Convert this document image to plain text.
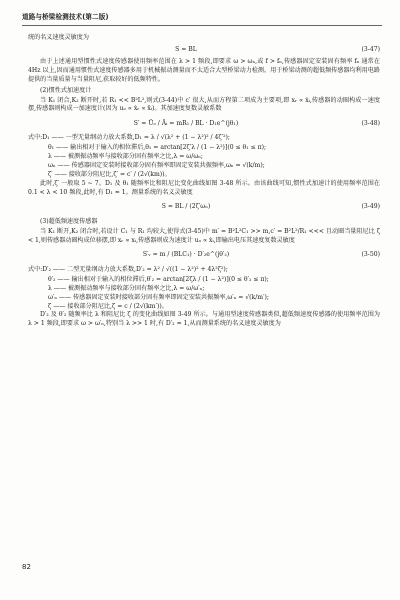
道路与桥梁检测技术(第二版)
统的名义速度灵敏度为
S = BL	(3-47)
由于上述通用型惯性式速度传感器使用频率范围在 λ > 1 频段,即要求 ω > ωₙ,或 f > fₙ,传感器固定安装固有频率 fₙ 通常在 4Hz 以上,因而通用惯性式速度传感器多用于机械振动测量而不太适合大型桥梁动力检测。用于桥梁动测的超低频传感器均利用电路提供的当量质量与当量阻尼,获取较好的低频特性。
(2)惯性式加速度计
当 K₁ 闭合,K₂ 断开时,若 R₁ << B²L²,则式(3-44)中 c′ 很大,从而方程第二项成为主要项,即 xᵣ ∝ ẋᵢ,传感器的动圈构成一速度摆,传感器则构成一加速度计(因为 uₒ ∝ ẋᵣ ∝ ẍᵢ)。其加速度复数灵敏系数
S′ = Ūₒ / Āᵢ = mR₁ / BL · D₁e^(jθ₁)	(3-48)
式中:D₁ —— 一型无量纲动力放大系数,D₁ = λ / √(λ² + (1 − λ²)² / 4ζ′²);
θ₁ —— 输出相对于输入的相位滞后,θ₁ = arctan[2ζ′λ / (1 − λ²)](0 ≤ θ₁ ≤ π);
λ —— 被测振动频率与接收部分固有频率之比,λ = ω/ωₙ;
ωₙ —— 传感器固定安装时接收部分固有频率即固定安装共振频率,ωₙ = √(k/m);
ζ′ —— 接收部分阻尼比,ζ′ = c′ / (2√(km))。
此时,ζ′ 一般取 5 ~ 7。D₁ 及 θ₁ 随频率比和阻尼比变化曲线如图 3-48 所示。由该曲线可知,惯性式加速计的使用频率范围在 0.1 < λ < 10 频段,此时,有 D₁ ≈ 1。测量系统的名义灵敏度
S = BL / (2ζ′ωₙ)	(3-49)
(3)超低频速度传感器
当 K₁ 断开,K₂ 闭合时,若设计 C₁ 与 R₁ 均较大,使得式(3-45)中 m′ = B²L²C₁ >> m,c′ = B²L²/R₁ <<< 且动圈当量阻尼比 ζ < 1,则传感器动圈构成位移摆,即 xᵣ ∝ xᵢ,传感器则成为速度计 uₒ ∝ ẋᵢ,即输出电压其速度复数灵敏度
S′ᵥ = m / (BLC₁) · D′₂e^(jθ′₂)	(3-50)
式中:D′₂ —— 二型无量纲动力放大系数,D′₂ = λ² / √((1 − λ²)² + 4λ²ζ²);
θ′₂ —— 输出相对于输入的相位滞后,θ′₂ = arctan[2ζλ / (1 − λ²)](0 ≤ θ′₂ ≤ π);
λ —— 被测振动频率与接收部分固有频率之比,λ = ω/ω′ₙ;
ω′ₙ —— 传感器固定安装时接收部分固有频率即固定安装共振频率,ω′ₙ = √(k/m′);
ζ —— 接收部分阻尼比,ζ = c / (2√(km′))。
D′₂ 及 θ′₂ 随频率比 λ 和阻尼比 ζ 的变化曲线如图 3-49 所示。与通用型速度传感器类似,超低频速度传感器的使用频率范围为 λ > 1 频段,即要求 ω > ω′ₙ,特别当 λ >> 1 时,有 D′₂ ≈ 1,从而测量系统的名义速度灵敏度为
82
